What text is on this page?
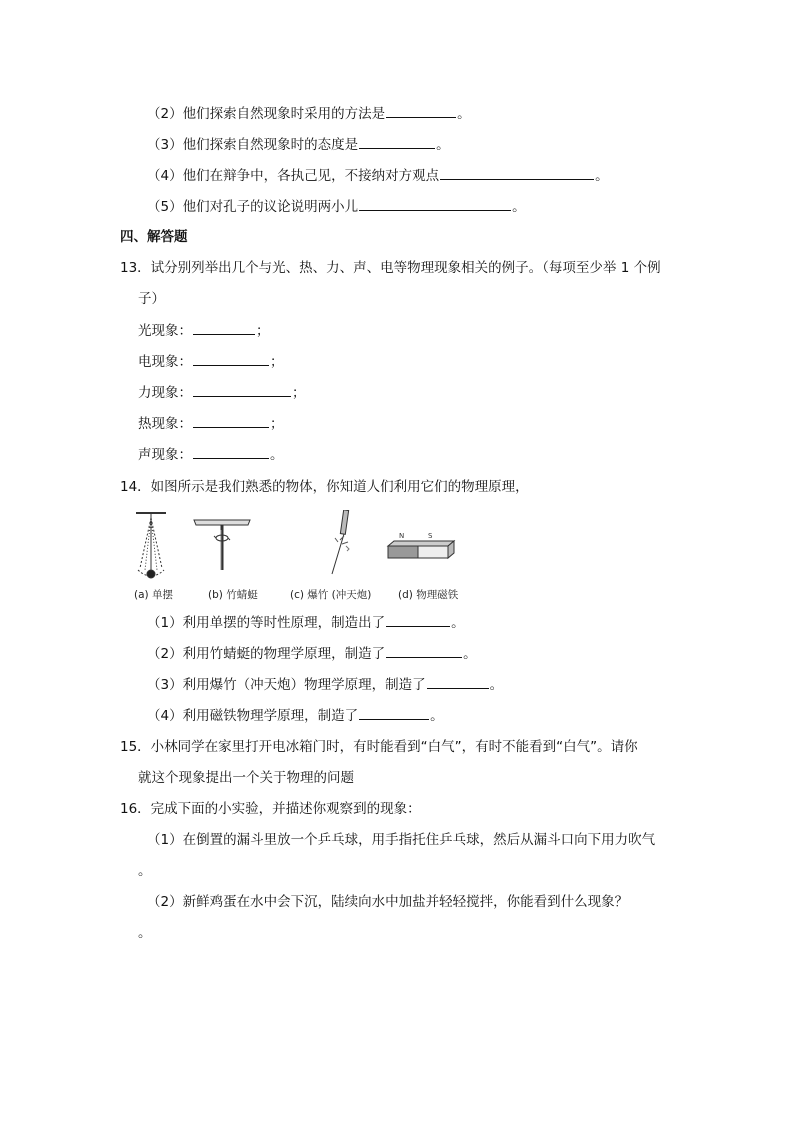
（2）他们探索自然现象时采用的方法是	。
（3）他们探索自然现象时的态度是	。
（4）他们在辩争中，各执己见，不接纳对方观点	。
（5）他们对孔子的议论说明两小儿	。
四、解答题
13．试分别列举出几个与光、热、力、声、电等物理现象相关的例子。（每项至少举 1 个例
子）
光现象：	；
电现象：	；
力现象：	；
热现象：	；
声现象：	。
14．如图所示是我们熟悉的物体，你知道人们利用它们的物理原理，
N	S
(a) 单摆	(b) 竹蜻蜓	(c) 爆竹 (冲天炮)	(d) 物理磁铁
（1）利用单摆的等时性原理，制造出了	。
（2）利用竹蜻蜓的物理学原理，制造了	。
（3）利用爆竹（冲天炮）物理学原理，制造了	。
（4）利用磁铁物理学原理，制造了	。
15．小林同学在家里打开电冰箱门时，有时能看到“白气”，有时不能看到“白气”。请你
就这个现象提出一个关于物理的问题
16．完成下面的小实验，并描述你观察到的现象：
（1）在倒置的漏斗里放一个乒乓球，用手指托住乒乓球，然后从漏斗口向下用力吹气
。
（2）新鲜鸡蛋在水中会下沉，陆续向水中加盐并轻轻搅拌，你能看到什么现象？
。
